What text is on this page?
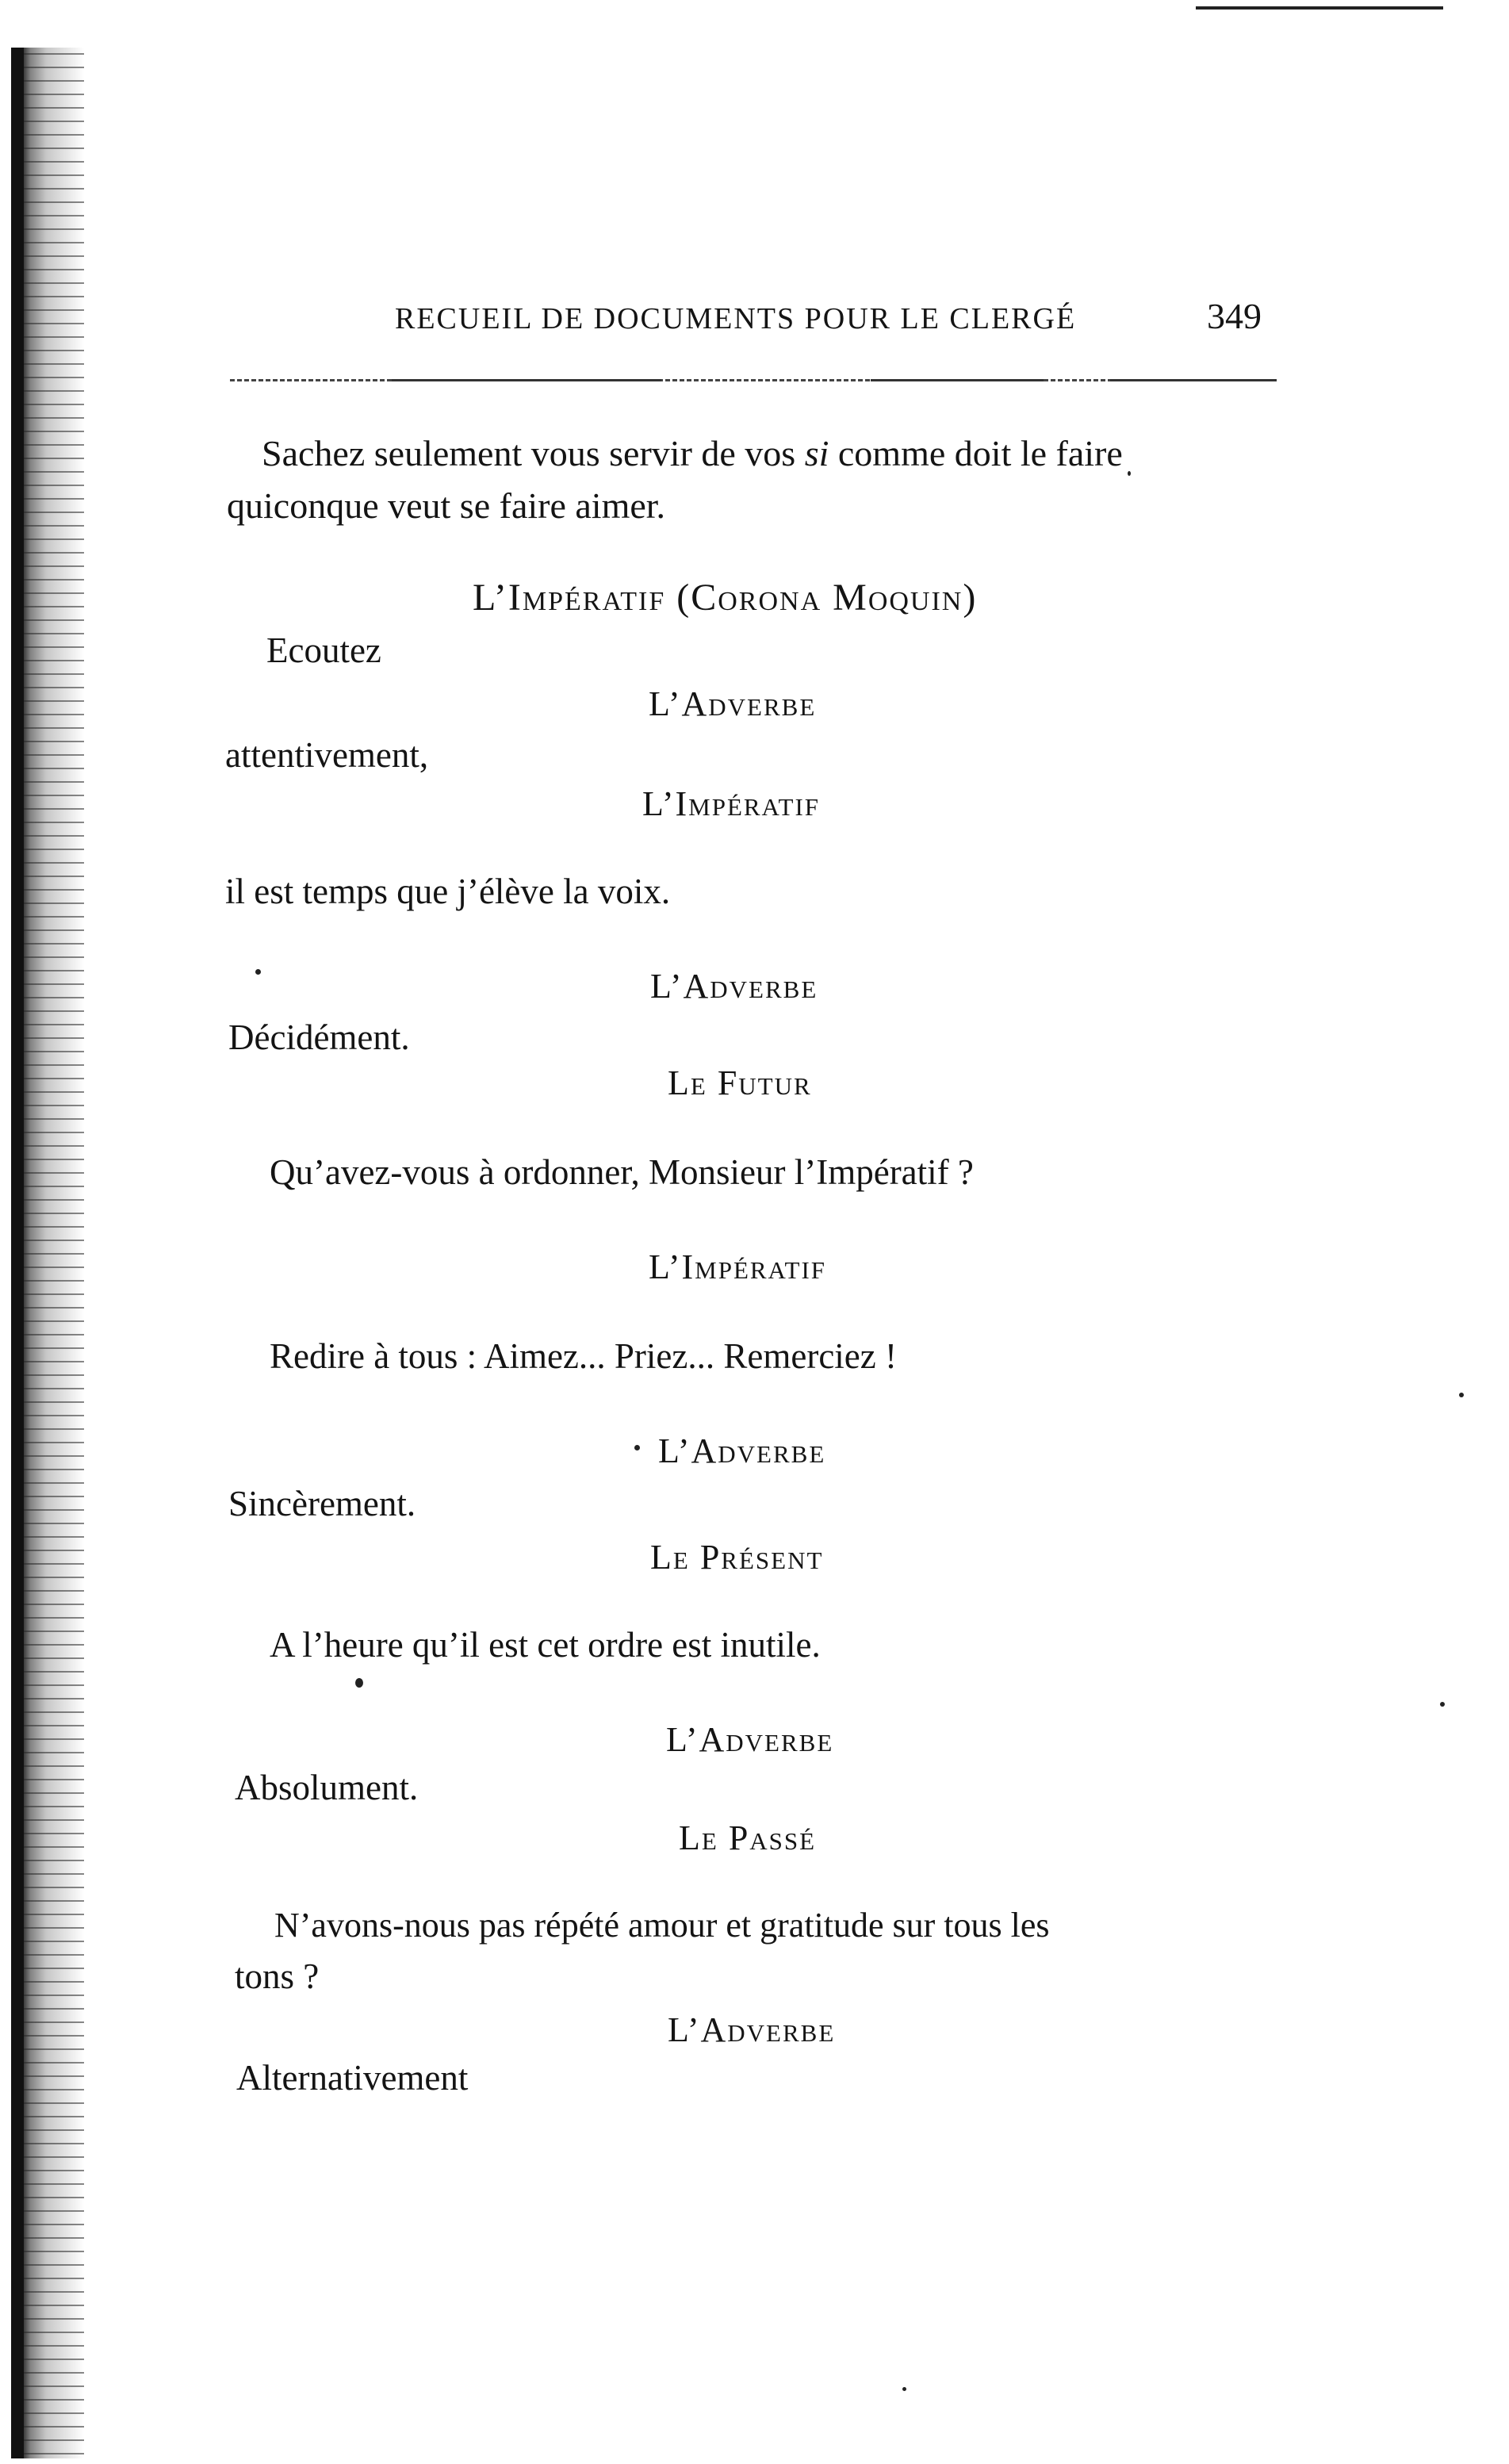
RECUEIL DE DOCUMENTS POUR LE CLERGÉ	349
Sachez seulement vous servir de vos si comme doit le faire
quiconque veut se faire aimer.
L’Impératif (Corona Moquin)
Ecoutez
L’Adverbe
attentivement,
L’Impératif
il est temps que j’élève la voix.
L’Adverbe
Décidément.
Le Futur
Qu’avez-vous à ordonner, Monsieur l’Impératif ?
L’Impératif
Redire à tous : Aimez... Priez... Remerciez !
L’Adverbe
Sincèrement.
Le Présent
A l’heure qu’il est cet ordre est inutile.
L’Adverbe
Absolument.
Le Passé
N’avons-nous pas répété amour et gratitude sur tous les
tons ?
L’Adverbe
Alternativement
